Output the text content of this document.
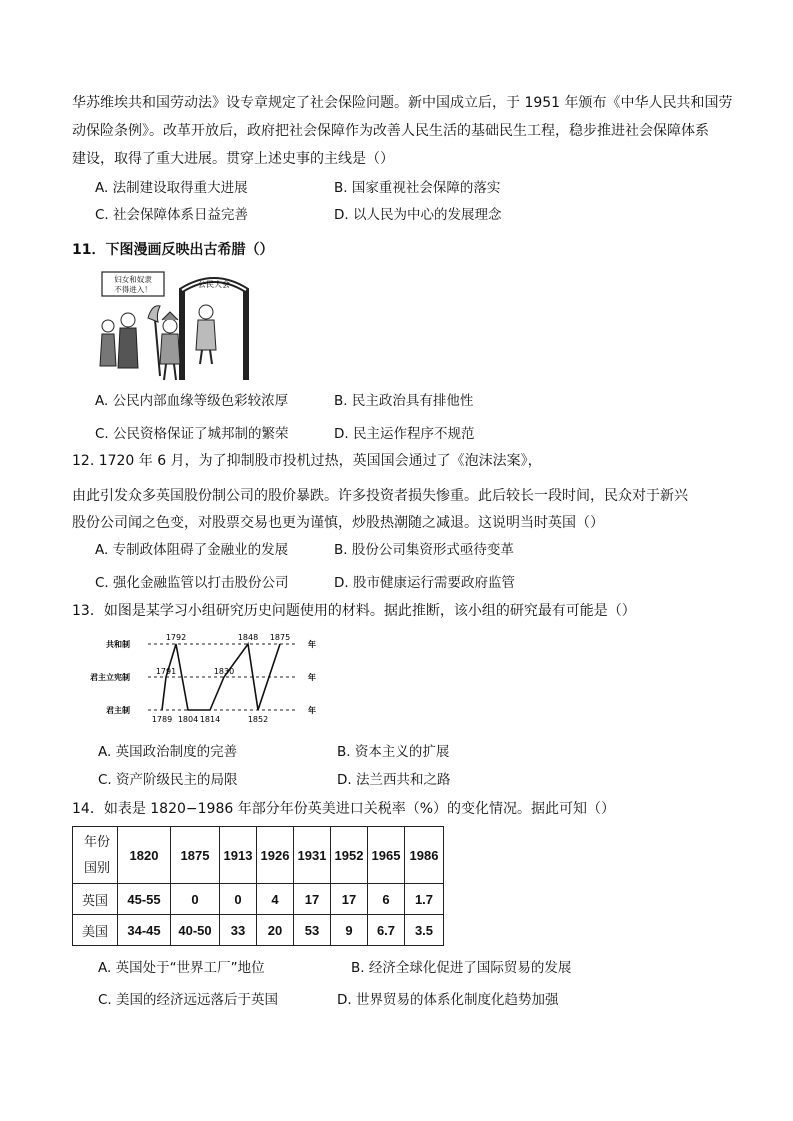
华苏维埃共和国劳动法》设专章规定了社会保险问题。新中国成立后，于 1951 年颁布《中华人民共和国劳
动保险条例》。改革开放后，政府把社会保障作为改善人民生活的基础民生工程，稳步推进社会保障体系
建设，取得了重大进展。贯穿上述史事的主线是（）
A. 法制建设取得重大进展	B. 国家重视社会保障的落实
C. 社会保障体系日益完善	D. 以人民为中心的发展理念
11．下图漫画反映出古希腊（）
妇女和奴隶
不得进入！
公民大会
A. 公民内部血缘等级色彩较浓厚	B. 民主政治具有排他性
C. 公民资格保证了城邦制的繁荣	D. 民主运作程序不规范
12. 1720 年 6 月，为了抑制股市投机过热，英国国会通过了《泡沫法案》，
由此引发众多英国股份制公司的股价暴跌。许多投资者损失惨重。此后较长一段时间，民众对于新兴
股份公司闻之色变，对股票交易也更为谨慎，炒股热潮随之减退。这说明当时英国（）
A. 专制政体阻碍了金融业的发展	B. 股份公司集资形式亟待变革
C. 强化金融监管以打击股份公司	D. 股市健康运行需要政府监管
13．如图是某学习小组研究历史问题使用的材料。据此推断，该小组的研究最有可能是（）
共和制	年
君主立宪制	年
君主制	年
1789
1791
1792
1804 1814
1830
1848
1852
1875
A. 英国政治制度的完善	B. 资本主义的扩展
C. 资产阶级民主的局限	D. 法兰西共和之路
14．如表是 1820−1986 年部分年份英美进口关税率（%）的变化情况。据此可知（）
年份
国别	1820	1875	1913	1926	1931	1952	1965	1986
英国	45-55	0	0	4	17	17	6	1.7
美国	34-45	40-50	33	20	53	9	6.7	3.5
A. 英国处于“世界工厂”地位	B. 经济全球化促进了国际贸易的发展
C. 美国的经济远远落后于英国	D. 世界贸易的体系化制度化趋势加强
